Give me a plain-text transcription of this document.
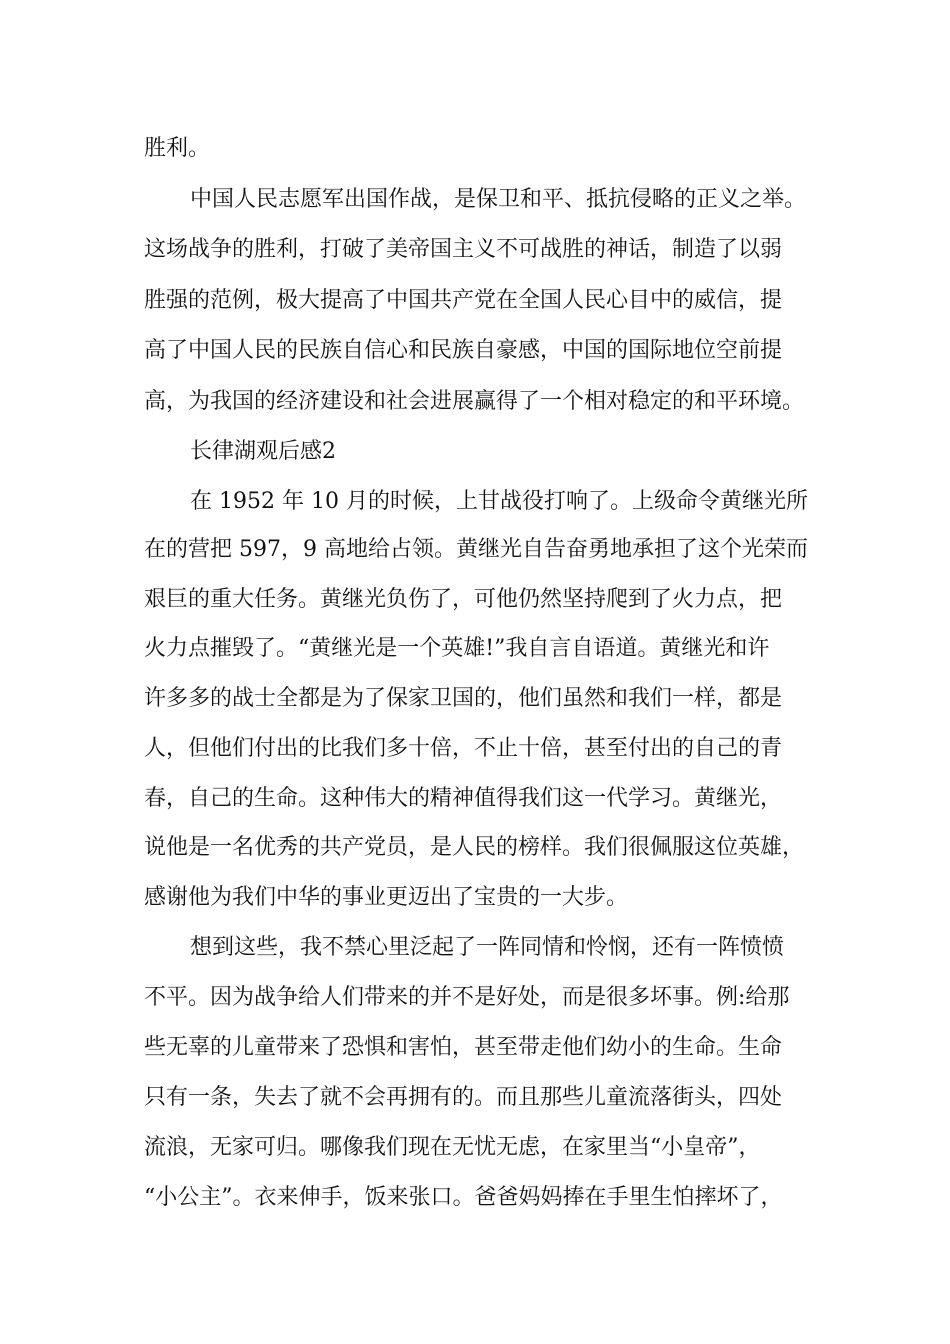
胜利。
中国人民志愿军出国作战，是保卫和平、抵抗侵略的正义之举。
这场战争的胜利，打破了美帝国主义不可战胜的神话，制造了以弱
胜强的范例，极大提高了中国共产党在全国人民心目中的威信，提
高了中国人民的民族自信心和民族自豪感，中国的国际地位空前提
高，为我国的经济建设和社会进展赢得了一个相对稳定的和平环境。
长律湖观后感2
在 1952 年 10 月的时候，上甘战役打响了。上级命令黄继光所
在的营把 597，9 高地给占领。黄继光自告奋勇地承担了这个光荣而
艰巨的重大任务。黄继光负伤了，可他仍然坚持爬到了火力点，把
火力点摧毁了。“黄继光是一个英雄!”我自言自语道。黄继光和许
许多多的战士全都是为了保家卫国的，他们虽然和我们一样，都是
人，但他们付出的比我们多十倍，不止十倍，甚至付出的自己的青
春，自己的生命。这种伟大的精神值得我们这一代学习。黄继光，
说他是一名优秀的共产党员，是人民的榜样。我们很佩服这位英雄，
感谢他为我们中华的事业更迈出了宝贵的一大步。
想到这些，我不禁心里泛起了一阵同情和怜悯，还有一阵愤愤
不平。因为战争给人们带来的并不是好处，而是很多坏事。例:给那
些无辜的儿童带来了恐惧和害怕，甚至带走他们幼小的生命。生命
只有一条，失去了就不会再拥有的。而且那些儿童流落街头，四处
流浪，无家可归。哪像我们现在无忧无虑，在家里当“小皇帝”，
“小公主”。衣来伸手，饭来张口。爸爸妈妈捧在手里生怕摔坏了，
